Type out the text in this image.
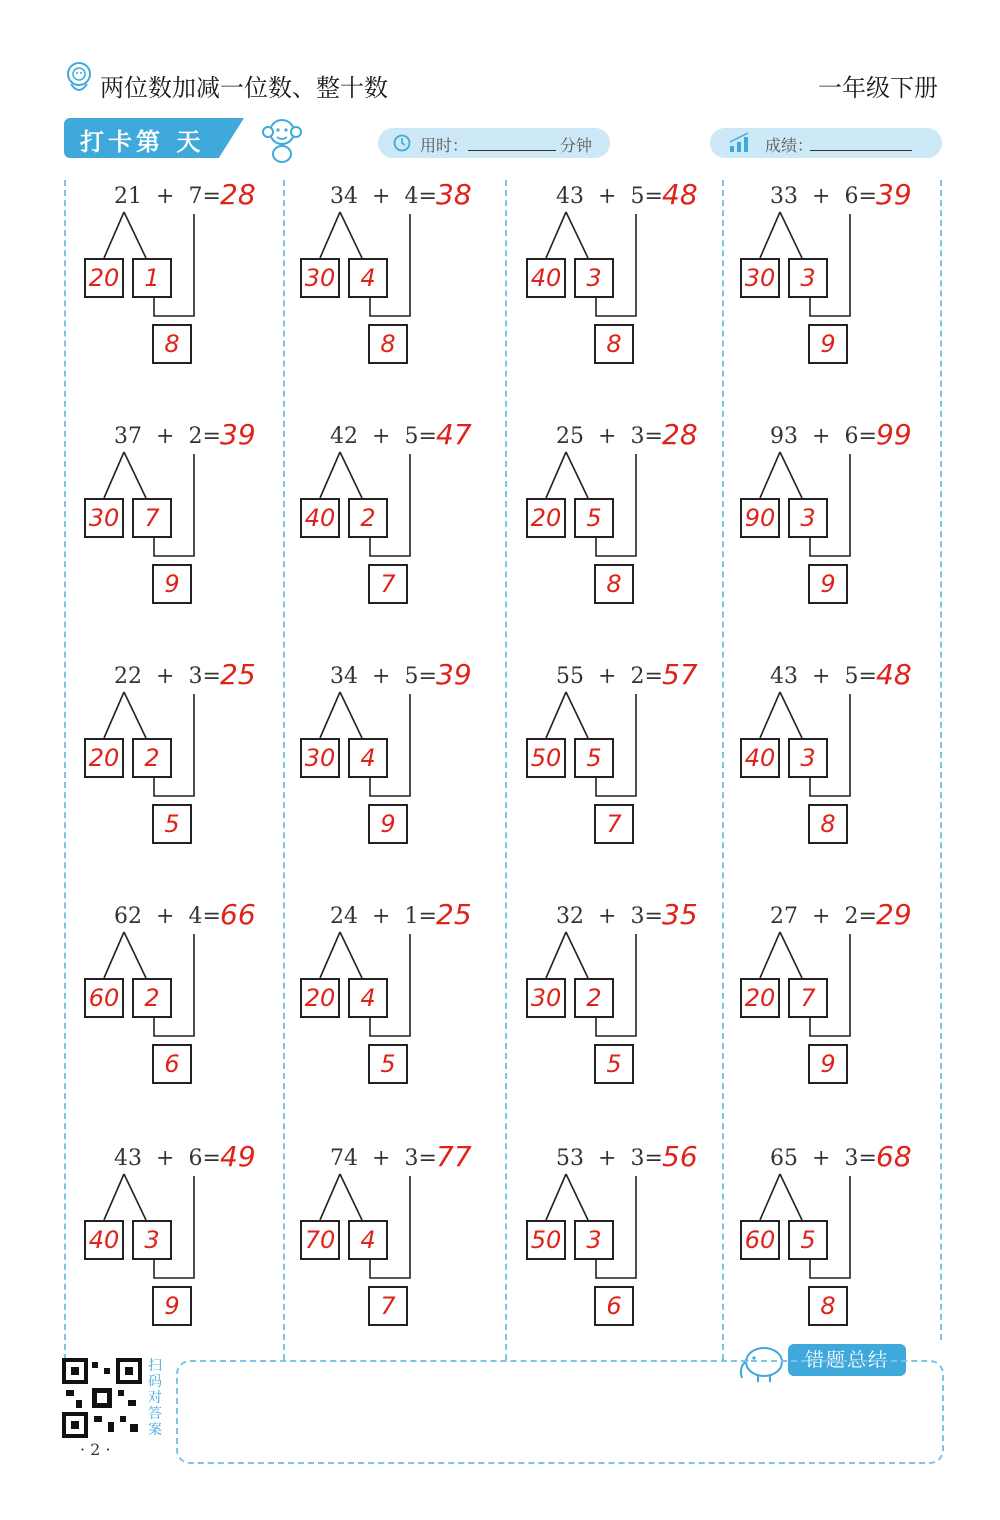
两位数加减一位数、整十数	一年级下册
打卡第 天	用时：	分钟	成绩：
21 + 7= 28
20	1
8
34 + 4= 38
30	4
8
43 + 5= 48
40	3
8
33 + 6= 39
30	3
9
37 + 2= 39
30	7
9
42 + 5= 47
40	2
7
25 + 3= 28
20	5
8
93 + 6= 99
90	3
9
22 + 3= 25
20	2
5
34 + 5= 39
30	4
9
55 + 2= 57
50	5
7
43 + 5= 48
40	3
8
62 + 4= 66
60	2
6
24 + 1= 25
20	4
5
32 + 3= 35
30	2
5
27 + 2= 29
20	7
9
43 + 6= 49
40	3
9
74 + 3= 77
70	4
7
53 + 3= 56
50	3
6
65 + 3= 68
60	5
8
错题总结
扫码对答案
· 2 ·
